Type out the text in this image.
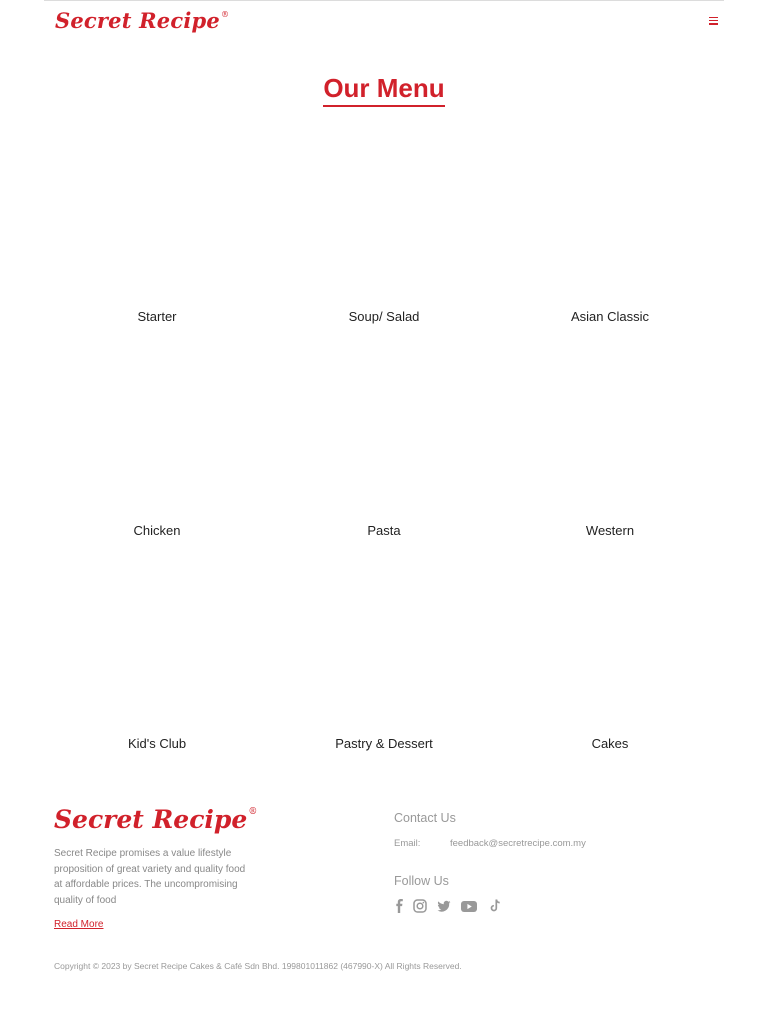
Secret Recipe®
Our Menu
Starter	Soup/ Salad	Asian Classic
Chicken	Pasta	Western
Kid's Club	Pastry & Dessert	Cakes
Secret Recipe®
Secret Recipe promises a value lifestyle proposition of great variety and quality food at affordable prices. The uncompromising quality of food
Read More
Contact Us
Email:	feedback@secretrecipe.com.my
Follow Us
Copyright © 2023 by Secret Recipe Cakes & Café Sdn Bhd. 199801011862 (467990-X) All Rights Reserved.
